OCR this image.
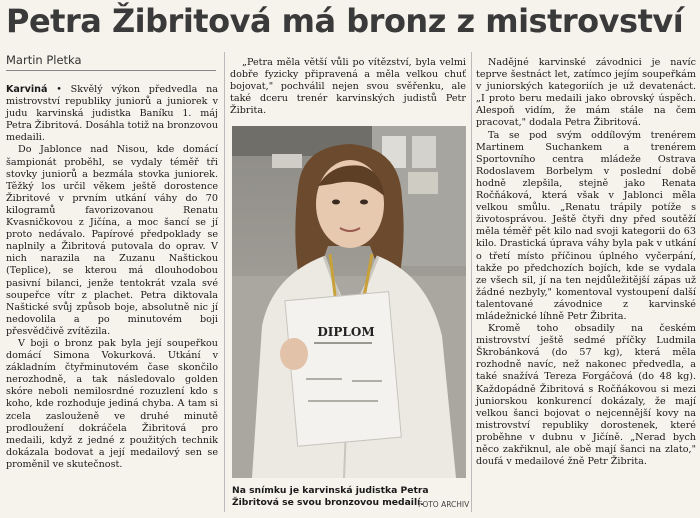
Petra Žibritová má bronz z mistrovství
Martin Pletka

Karviná • Skvělý výkon předvedla na mistrovství republiky juniorů a juniorek v judu karvinská judistka Baníku 1. máj Petra Žibritová. Dosáhla totiž na bronzovou medaili.

Do Jablonce nad Nisou, kde domácí šampionát proběhl, se vydaly téměř tři stovky juniorů a bezmála stovka juniorek. Těžký los určil věkem ještě dorostence Žibritové v prvním utkání váhy do 70 kilogramů favorizovanou Renatu Kvasničkovou z Jičína, a moc šancí se jí proto nedávalo. Papírové předpoklady se naplnily a Žibritová putovala do oprav. V nich narazila na Zuzanu Naštickou (Teplice), se kterou má dlouhodobou pasivní bilanci, jenže tentokrát vzala své soupeřce vítr z plachet. Petra diktovala Naštické svůj způsob boje, absolutně nic jí nedovolila a po minutovém boji přesvědčivě zvítězila.

V boji o bronz pak byla její soupeřkou domácí Simona Vokurková. Utkání v základním čtyřminutovém čase skončilo nerozhodně, a tak následovalo golden skóre neboli nemilosrdné rozuzlení kdo s koho, kde rozhoduje jediná chyba. A tam si zcela zaslouženě ve druhé minutě prodloužení dokráčela Žibritová pro medaili, když z jedné z použitých technik dokázala bodovat a její medailový sen se proměnil ve skutečnost.

„Petra měla větší vůli po vítězství, byla velmi dobře fyzicky připravená a měla velkou chuť bojovat," pochválil nejen svou svěřenku, ale také dceru trenér karvinských judistů Petr Žibrita.

DIPLOM
Na snímku je karvinská judistka Petra Žibritová se svou bronzovou medailí.
FOTO ARCHIV

Nadějné karvinské závodnici je navíc teprve šestnáct let, zatímco jejím soupeřkám v juniorských kategoriích je už devatenáct. „I proto beru medaili jako obrovský úspěch. Alespoň vidím, že mám stále na čem pracovat," dodala Petra Žibritová.

Ta se pod svým oddílovým trenérem Martinem Suchankem a trenérem Sportovního centra mládeže Ostrava Rodoslavem Borbelym v poslední době hodně zlepšila, stejně jako Renata Ročňáková, která však v Jablonci měla velkou smůlu. „Renatu trápily potíže s životosprávou. Ještě čtyři dny před soutěží měla téměř pět kilo nad svoji kategorii do 63 kilo. Drastická úprava váhy byla pak v utkání o třetí místo příčinou úplného vyčerpání, takže po předchozích bojích, kde se vydala ze všech sil, jí na ten nejdůležitější zápas už žádné nezbyly," komentoval vystoupení další talentované závodnice z karvinské mládežnické líhně Petr Žibrita.

Kromě toho obsadily na českém mistrovství ještě sedmé příčky Ludmila Škrobánková (do 57 kg), která měla rozhodně navíc, než nakonec předvedla, a také snažívá Tereza Forgáčová (do 48 kg). Každopádně Žibritová s Ročňákovou si mezi juniorskou konkurencí dokázaly, že mají velkou šanci bojovat o nejcennější kovy na mistrovství republiky dorostenek, které proběhne v dubnu v Jičíně. „Nerad bych něco zakřiknul, ale obě mají šanci na zlato," doufá v medailové žně Petr Žibrita.
